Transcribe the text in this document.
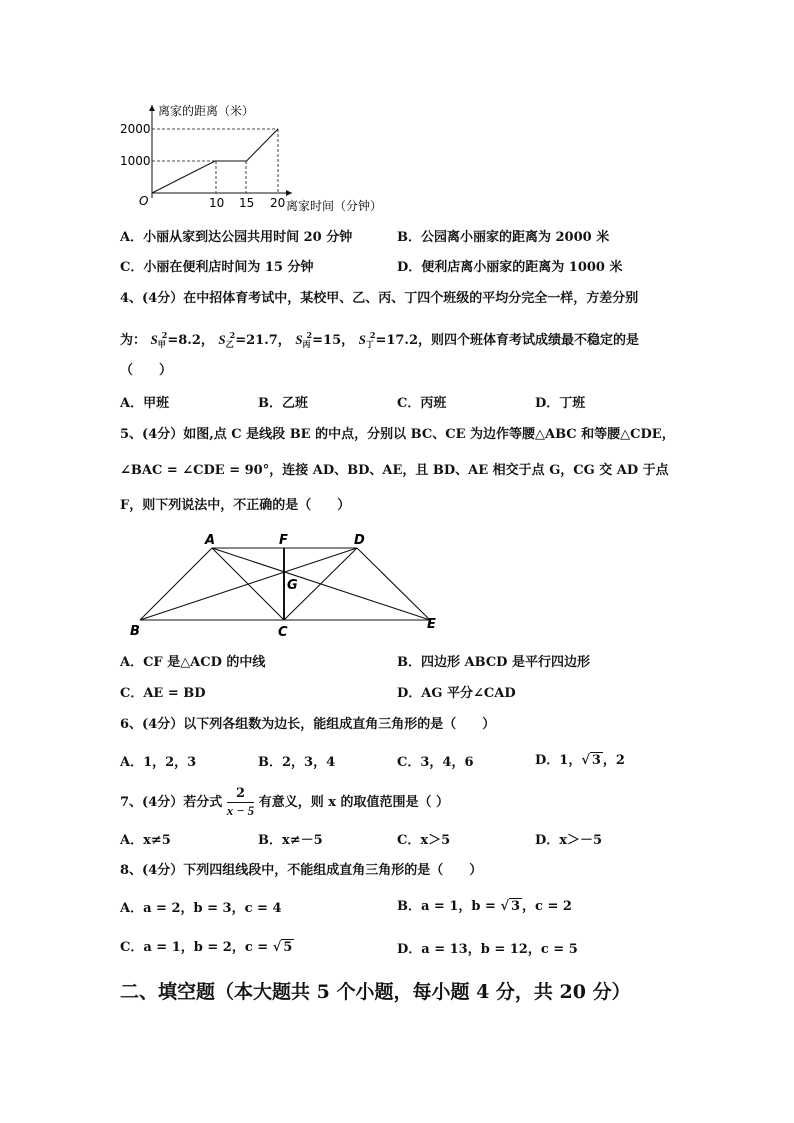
离家的距离（米）
离家时间（分钟）
2000
1000
O	10 15 20
A．小丽从家到达公园共用时间 20 分钟	B．公园离小丽家的距离为 2000 米
C．小丽在便利店时间为 15 分钟	D．便利店离小丽家的距离为 1000 米
4、(4分）在中招体育考试中，某校甲、乙、丙、丁四个班级的平均分完全一样，方差分别
为： $S_甲^2=8.2$， $S_乙^2=21.7$， $S_丙^2=15$， $S_丁^2=17.2$，则四个班体育考试成绩最不稳定的是
（　　）
A．甲班	B．乙班	C．丙班	D．丁班
5、(4分）如图,点 C 是线段 BE 的中点，分别以 BC、CE 为边作等腰△ABC 和等腰△CDE，
∠BAC = ∠CDE = 90°，连接 AD、BD、AE，且 BD、AE 相交于点 G，CG 交 AD 于点
F，则下列说法中，不正确的是（　　）
A	F	D
G
B	C
E
A．CF 是△ACD 的中线	B．四边形 ABCD 是平行四边形
C．AE = BD	D．AG 平分∠CAD
6、(4分）以下列各组数为边长，能组成直角三角形的是（　　）
A．1，2，3	B．2，3，4	C．3，4，6	D．1，√ 3 ，2
7、(4分）若分式 $\frac{2}{x - 5}$ 有意义，则 x 的取值范围是（ ）
A．x≠5	B．x≠－5	C．x＞5	D．x＞－5
8、(4分）下列四组线段中，不能组成直角三角形的是（　　）
A．a = 2，b = 3，c = 4	B．a = 1，b = √ 3 ，c = 2
C．a = 1，b = 2，c = √ 5	D．a = 13，b = 12，c = 5
二、填空题（本大题共 5 个小题，每小题 4 分，共 20 分）
